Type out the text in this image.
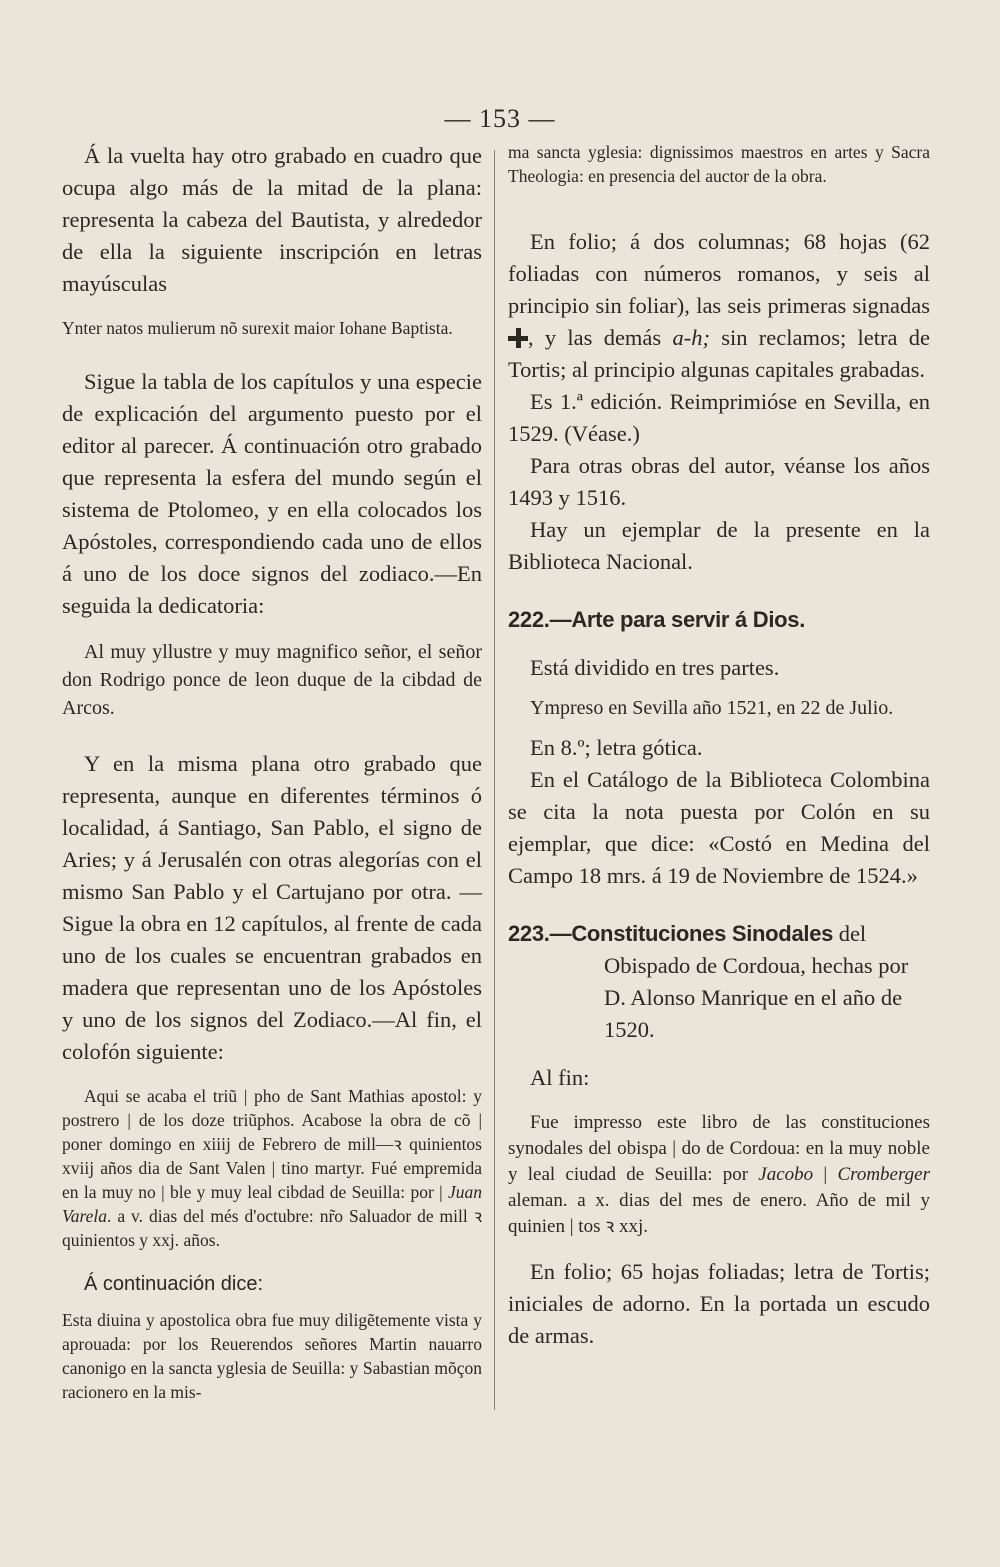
— 153 —

Á la vuelta hay otro grabado en cuadro que ocupa algo más de la mitad de la plana: representa la cabeza del Bautista, y alrededor de ella la siguiente inscripción en letras mayúsculas

Ynter natos mulierum nõ surexit maior Iohane Baptista.

Sigue la tabla de los capítulos y una especie de explicación del argumento puesto por el editor al parecer. Á continuación otro grabado que representa la esfera del mundo según el sistema de Ptolomeo, y en ella colocados los Apóstoles, correspondiendo cada uno de ellos á uno de los doce signos del zodiaco.—En seguida la dedicatoria:

Al muy yllustre y muy magnifico señor, el señor don Rodrigo ponce de leon duque de la cibdad de Arcos.

Y en la misma plana otro grabado que representa, aunque en diferentes términos ó localidad, á Santiago, San Pablo, el signo de Aries; y á Jerusalén con otras alegorías con el mismo San Pablo y el Cartujano por otra. — Sigue la obra en 12 capítulos, al frente de cada uno de los cuales se encuentran grabados en madera que representan uno de los Apóstoles y uno de los signos del Zodiaco.—Al fin, el colofón siguiente:

Aqui se acaba el triũ | pho de Sant Mathias apostol: y postrero | de los doze triũphos. Acabose la obra de cõ | poner domingo en xiiij de Febrero de mill—ꝛ quinientos xviij años dia de Sant Valen | tino martyr. Fué empremida en la muy no | ble y muy leal cibdad de Seuilla: por | Juan Varela. a v. dias del més d'octubre: nr̃o Saluador de mill ꝛ quinientos y xxj. años.

Á continuación dice:

Esta diuina y apostolica obra fue muy diligẽtemente vista y aprouada: por los Reuerendos señores Martin nauarro canonigo en la sancta yglesia de Seuilla: y Sabastian mõçon racionero en la mis-

ma sancta yglesia: dignissimos maestros en artes y Sacra Theologia: en presencia del auctor de la obra.

En folio; á dos columnas; 68 hojas (62 foliadas con números romanos, y seis al principio sin foliar), las seis primeras signadas , y las demás a-h; sin reclamos; letra de Tortis; al principio algunas capitales grabadas.

Es 1.ª edición. Reimprimióse en Sevilla, en 1529. (Véase.)

Para otras obras del autor, véanse los años 1493 y 1516.

Hay un ejemplar de la presente en la Biblioteca Nacional.

222.—Arte para servir á Dios.

Está dividido en tres partes.

Ympreso en Sevilla año 1521, en 22 de Julio.

En 8.º; letra gótica.

En el Catálogo de la Biblioteca Colombina se cita la nota puesta por Colón en su ejemplar, que dice: «Costó en Medina del Campo 18 mrs. á 19 de Noviembre de 1524.»

223.—Constituciones Sinodales del Obispado de Cordoua, hechas por D. Alonso Manrique en el año de 1520.

Al fin:

Fue impresso este libro de las constituciones synodales del obispa | do de Cordoua: en la muy noble y leal ciudad de Seuilla: por Jacobo | Cromberger aleman. a x. dias del mes de enero. Año de mil y quinien | tos ꝛ xxj.

En folio; 65 hojas foliadas; letra de Tortis; iniciales de adorno. En la portada un escudo de armas.
